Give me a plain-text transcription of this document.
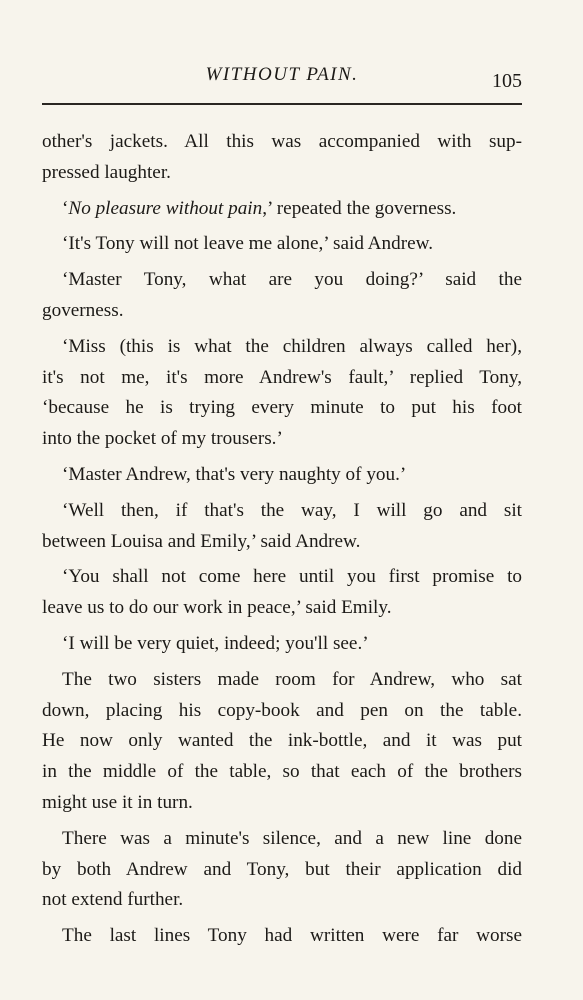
WITHOUT PAIN.	105
other's jackets. All this was accompanied with sup-
pressed laughter.
‘No pleasure without pain,’ repeated the governess.
‘It's Tony will not leave me alone,’ said Andrew.
‘Master Tony, what are you doing?’ said the
governess.
‘Miss (this is what the children always called her),
it's not me, it's more Andrew's fault,’ replied Tony,
‘because he is trying every minute to put his foot
into the pocket of my trousers.’
‘Master Andrew, that's very naughty of you.’
‘Well then, if that's the way, I will go and sit
between Louisa and Emily,’ said Andrew.
‘You shall not come here until you first promise to
leave us to do our work in peace,’ said Emily.
‘I will be very quiet, indeed; you'll see.’
The two sisters made room for Andrew, who sat
down, placing his copy-book and pen on the table.
He now only wanted the ink-bottle, and it was put
in the middle of the table, so that each of the brothers
might use it in turn.
There was a minute's silence, and a new line done
by both Andrew and Tony, but their application did
not extend further.
The last lines Tony had written were far worse
